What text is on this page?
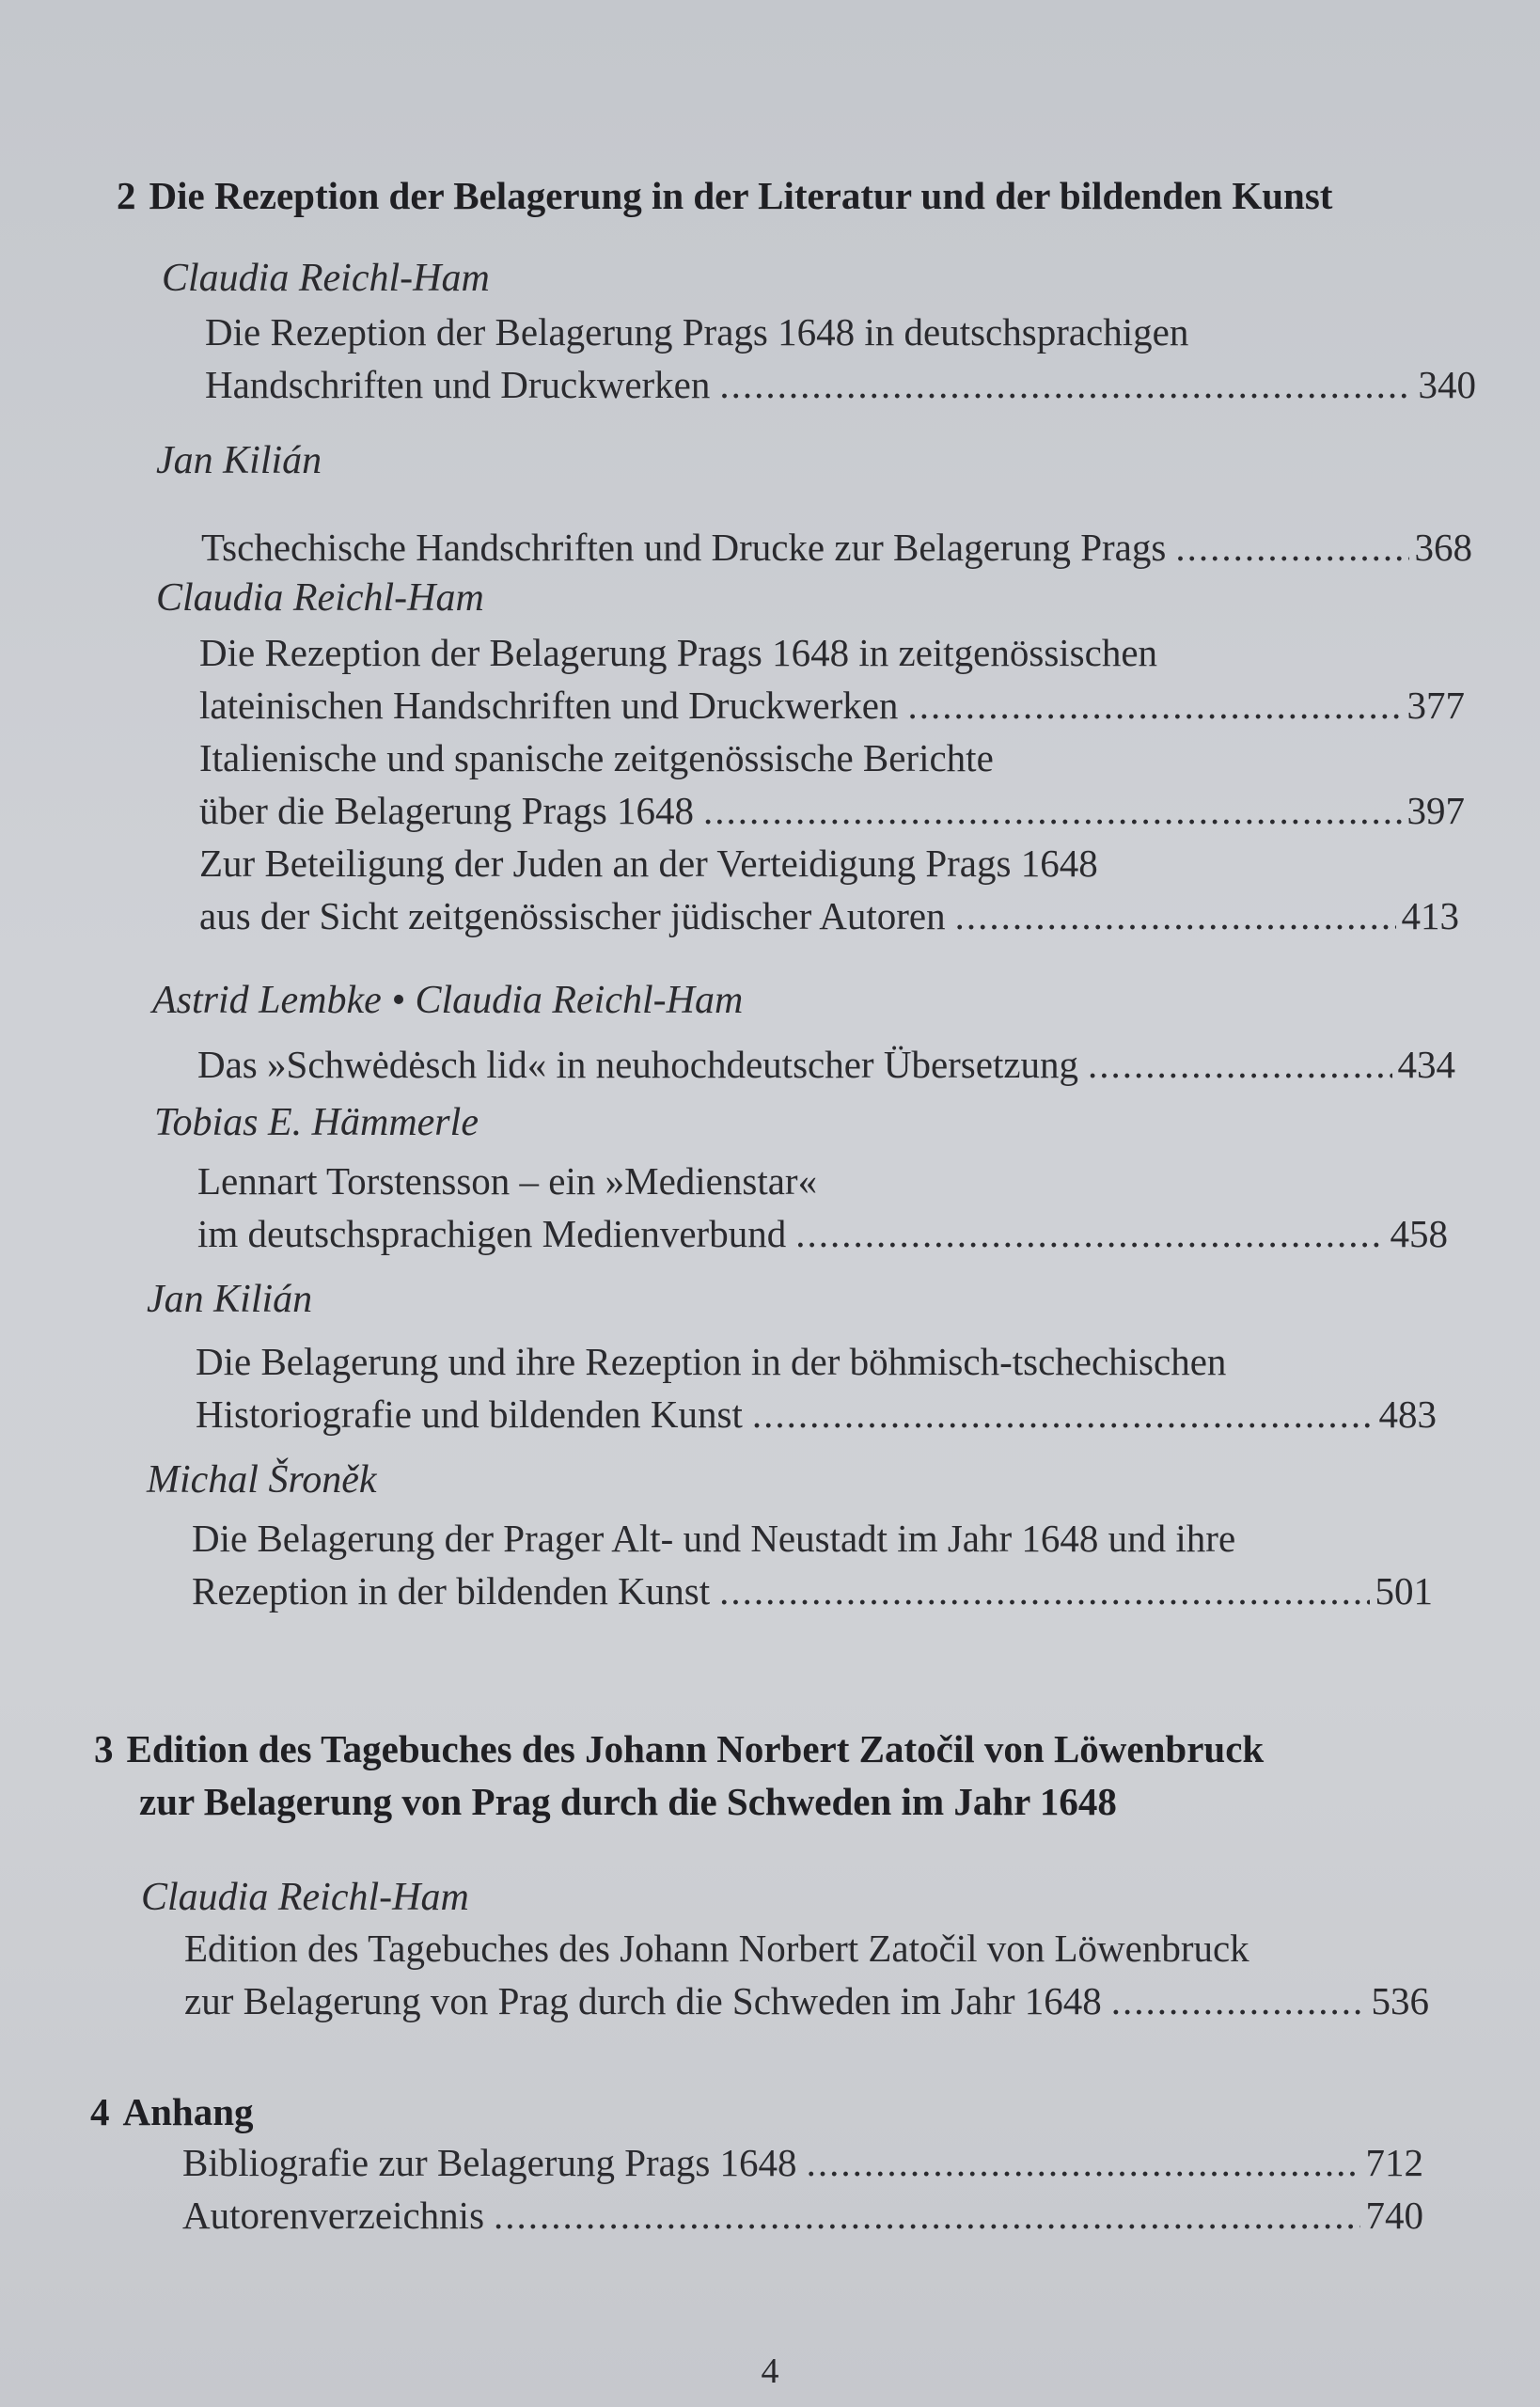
2 Die Rezeption der Belagerung in der Literatur und der bildenden Kunst
Claudia Reichl-Ham
Die Rezeption der Belagerung Prags 1648 in deutschsprachigen
Handschriften und Druckwerken .....	340
Jan Kilián
Tschechische Handschriften und Drucke zur Belagerung Prags .....	368
Claudia Reichl-Ham
Die Rezeption der Belagerung Prags 1648 in zeitgenössischen
lateinischen Handschriften und Druckwerken .....	377
Italienische und spanische zeitgenössische Berichte
über die Belagerung Prags 1648 .....	397
Zur Beteiligung der Juden an der Verteidigung Prags 1648
aus der Sicht zeitgenössischer jüdischer Autoren .....	413
Astrid Lembke • Claudia Reichl-Ham
Das »Schwėdėsch lid« in neuhochdeutscher Übersetzung .....	434
Tobias E. Hämmerle
Lennart Torstensson – ein »Medienstar«
im deutschsprachigen Medienverbund .....	458
Jan Kilián
Die Belagerung und ihre Rezeption in der böhmisch-tschechischen
Historiografie und bildenden Kunst .....	483
Michal Šroněk
Die Belagerung der Prager Alt- und Neustadt im Jahr 1648 und ihre
Rezeption in der bildenden Kunst .....	501
3 Edition des Tagebuches des Johann Norbert Zatočil von Löwenbruck
zur Belagerung von Prag durch die Schweden im Jahr 1648
Claudia Reichl-Ham
Edition des Tagebuches des Johann Norbert Zatočil von Löwenbruck
zur Belagerung von Prag durch die Schweden im Jahr 1648 .....	536
4 Anhang
Bibliografie zur Belagerung Prags 1648 .....	712
Autorenverzeichnis .....	740
4
